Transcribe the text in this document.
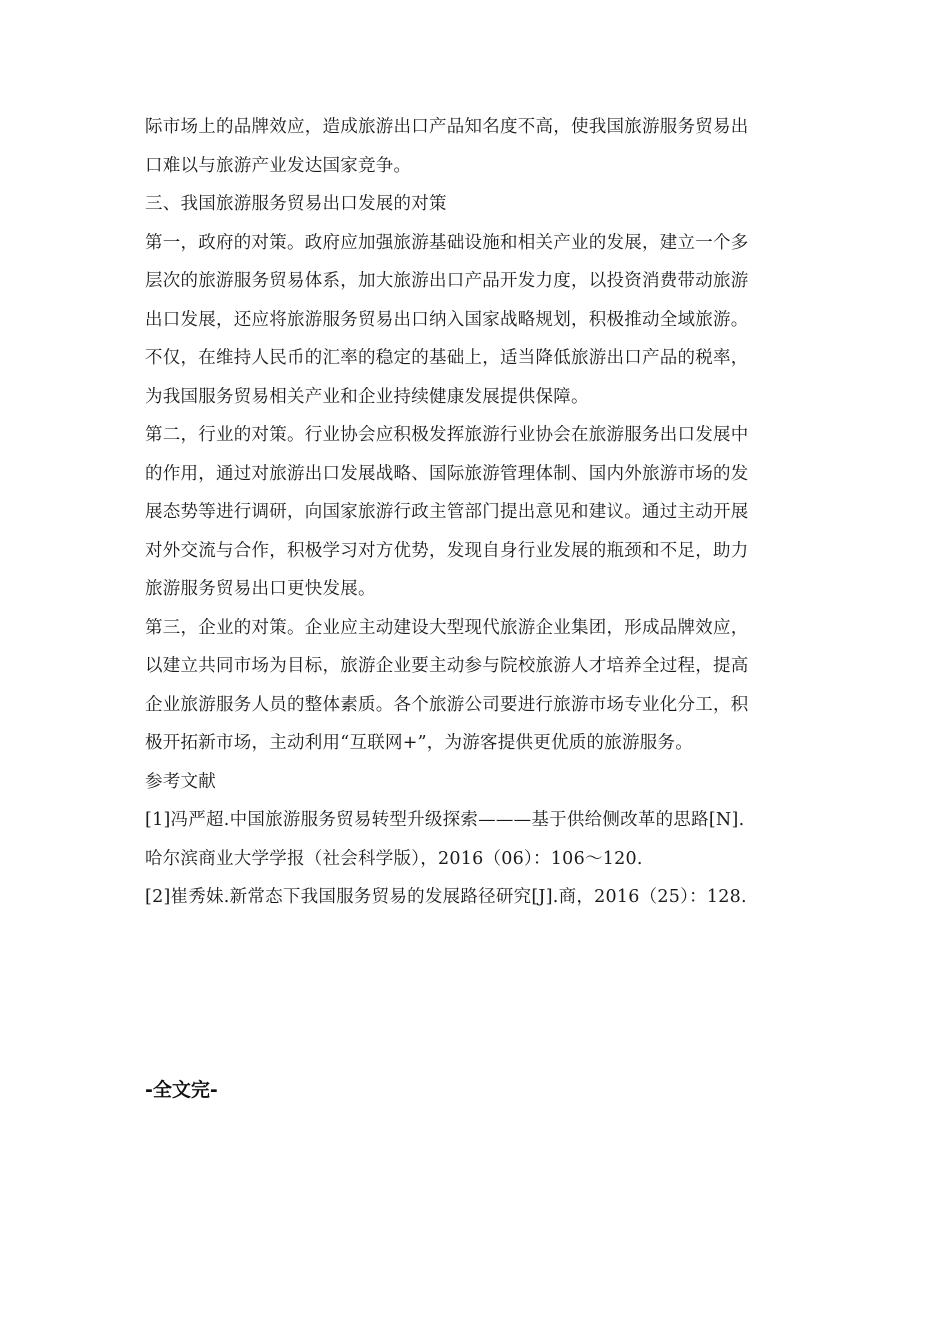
际市场上的品牌效应，造成旅游出口产品知名度不高，使我国旅游服务贸易出
口难以与旅游产业发达国家竞争。
三、我国旅游服务贸易出口发展的对策
第一，政府的对策。政府应加强旅游基础设施和相关产业的发展，建立一个多
层次的旅游服务贸易体系，加大旅游出口产品开发力度，以投资消费带动旅游
出口发展，还应将旅游服务贸易出口纳入国家战略规划，积极推动全域旅游。
不仅，在维持人民币的汇率的稳定的基础上，适当降低旅游出口产品的税率，
为我国服务贸易相关产业和企业持续健康发展提供保障。
第二，行业的对策。行业协会应积极发挥旅游行业协会在旅游服务出口发展中
的作用，通过对旅游出口发展战略、国际旅游管理体制、国内外旅游市场的发
展态势等进行调研，向国家旅游行政主管部门提出意见和建议。通过主动开展
对外交流与合作，积极学习对方优势，发现自身行业发展的瓶颈和不足，助力
旅游服务贸易出口更快发展。
第三，企业的对策。企业应主动建设大型现代旅游企业集团，形成品牌效应，
以建立共同市场为目标，旅游企业要主动参与院校旅游人才培养全过程，提高
企业旅游服务人员的整体素质。各个旅游公司要进行旅游市场专业化分工，积
极开拓新市场，主动利用“互联网+”，为游客提供更优质的旅游服务。
参考文献
[1]冯严超.中国旅游服务贸易转型升级探索———基于供给侧改革的思路[N].
哈尔滨商业大学学报（社会科学版），2016（06）：106～120.
[2]崔秀妹.新常态下我国服务贸易的发展路径研究[J].商，2016（25）：128.
-全文完-
